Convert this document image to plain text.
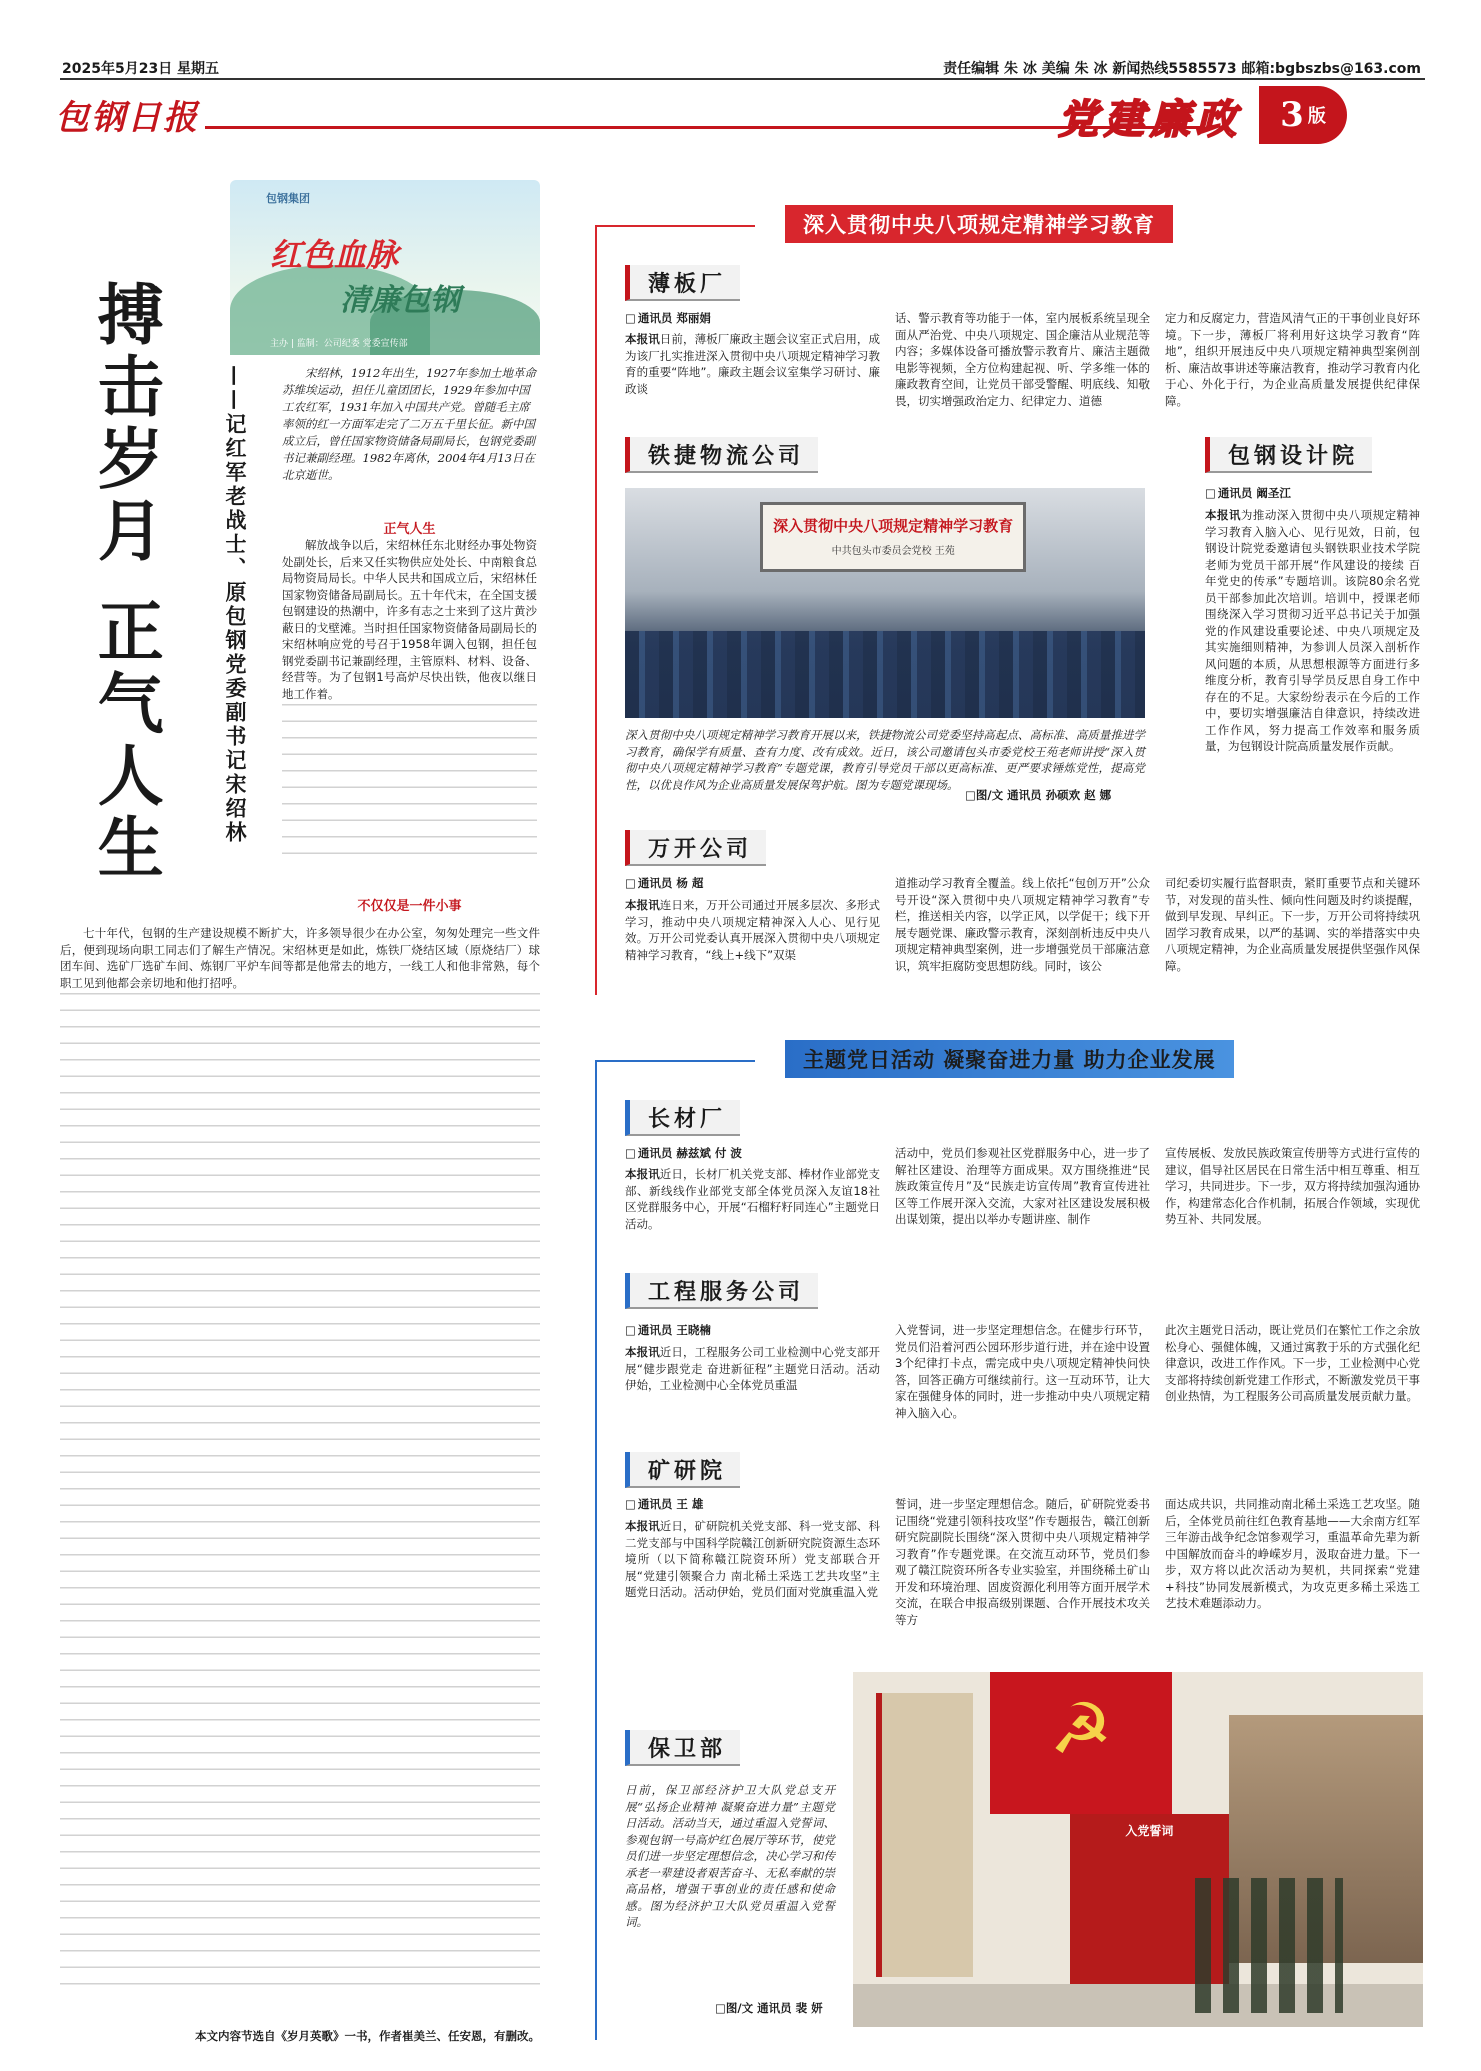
2025年5月23日 星期五	责任编辑 朱 冰 美编 朱 冰 新闻热线5585573 邮箱:bgbszbs@163.com
包钢日报	党建廉政 3 版
包钢集团
红色血脉
清廉包钢
主办 | 监制：公司纪委 党委宣传部
搏击岁月 正气人生	——记红军老战士、原包钢党委副书记宋绍林	宋绍林，1912年出生，1927年参加土地革命苏维埃运动，担任儿童团团长，1929年参加中国工农红军，1931年加入中国共产党。曾随毛主席率领的红一方面军走完了二万五千里长征。新中国成立后，曾任国家物资储备局副局长，包钢党委副书记兼副经理。1982年离休，2004年4月13日在北京逝世。
正气人生

解放战争以后，宋绍林任东北财经办事处物资处副处长，后来又任实物供应处处长、中南粮食总局物资局局长。中华人民共和国成立后，宋绍林任国家物资储备局副局长。五十年代末，在全国支援包钢建设的热潮中，许多有志之士来到了这片黄沙蔽日的戈壁滩。当时担任国家物资储备局副局长的宋绍林响应党的号召于1958年调入包钢，担任包钢党委副书记兼副经理，主管原料、材料、设备、经营等。为了包钢1号高炉尽快出铁，他夜以继日地工作着。

不仅仅是一件小事

七十年代，包钢的生产建设规模不断扩大，许多领导很少在办公室，匆匆处理完一些文件后，便到现场向职工同志们了解生产情况。宋绍林更是如此，炼铁厂烧结区域（原烧结厂）球团车间、选矿厂选矿车间、炼钢厂平炉车间等都是他常去的地方，一线工人和他非常熟，每个职工见到他都会亲切地和他打招呼。

本文内容节选自《岁月英歌》一书，作者崔美兰、任安恩，有删改。
深入贯彻中央八项规定精神学习教育
薄板厂
□ 通讯员 郑丽娟
本报讯日前，薄板厂廉政主题会议室正式启用，成为该厂扎实推进深入贯彻中央八项规定精神学习教育的重要“阵地”。廉政主题会议室集学习研讨、廉政谈
话、警示教育等功能于一体，室内展板系统呈现全面从严治党、中央八项规定、国企廉洁从业规范等内容；多媒体设备可播放警示教育片、廉洁主题微电影等视频，全方位构建起视、听、学多维一体的廉政教育空间，让党员干部受警醒、明底线、知敬畏，切实增强政治定力、纪律定力、道德
定力和反腐定力，营造风清气正的干事创业良好环境。下一步，薄板厂将利用好这块学习教育“阵地”，组织开展违反中央八项规定精神典型案例剖析、廉洁故事讲述等廉洁教育，推动学习教育内化于心、外化于行，为企业高质量发展提供纪律保障。
铁捷物流公司
深入贯彻中央八项规定精神学习教育
中共包头市委员会党校 王苑
深入贯彻中央八项规定精神学习教育开展以来，铁捷物流公司党委坚持高起点、高标准、高质量推进学习教育，确保学有质量、查有力度、改有成效。近日，该公司邀请包头市委党校王苑老师讲授“深入贯彻中央八项规定精神学习教育”专题党课，教育引导党员干部以更高标准、更严要求锤炼党性，提高党性，以优良作风为企业高质量发展保驾护航。图为专题党课现场。
□图/文 通讯员 孙硕欢 赵 娜
包钢设计院
□ 通讯员 阚圣江
本报讯为推动深入贯彻中央八项规定精神学习教育入脑入心、见行见效，日前，包钢设计院党委邀请包头钢铁职业技术学院老师为党员干部开展“作风建设的接续 百年党史的传承”专题培训。该院80余名党员干部参加此次培训。培训中，授课老师围绕深入学习贯彻习近平总书记关于加强党的作风建设重要论述、中央八项规定及其实施细则精神，为参训人员深入剖析作风问题的本质，从思想根源等方面进行多维度分析，教育引导学员反思自身工作中存在的不足。大家纷纷表示在今后的工作中，要切实增强廉洁自律意识，持续改进工作作风，努力提高工作效率和服务质量，为包钢设计院高质量发展作贡献。
万开公司
□ 通讯员 杨 超
本报讯连日来，万开公司通过开展多层次、多形式学习，推动中央八项规定精神深入人心、见行见效。万开公司党委认真开展深入贯彻中央八项规定精神学习教育，“线上+线下”双渠
道推动学习教育全覆盖。线上依托“包创万开”公众号开设“深入贯彻中央八项规定精神学习教育”专栏，推送相关内容，以学正风，以学促干；线下开展专题党课、廉政警示教育，深刻剖析违反中央八项规定精神典型案例，进一步增强党员干部廉洁意识，筑牢拒腐防变思想防线。同时，该公
司纪委切实履行监督职责，紧盯重要节点和关键环节，对发现的苗头性、倾向性问题及时约谈提醒，做到早发现、早纠正。下一步，万开公司将持续巩固学习教育成果，以严的基调、实的举措落实中央八项规定精神，为企业高质量发展提供坚强作风保障。
主题党日活动 凝聚奋进力量 助力企业发展
长材厂
□ 通讯员 赫兹斌 付 波
本报讯近日，长材厂机关党支部、棒材作业部党支部、新线线作业部党支部全体党员深入友谊18社区党群服务中心，开展“石榴籽籽同连心”主题党日活动。
活动中，党员们参观社区党群服务中心，进一步了解社区建设、治理等方面成果。双方围绕推进“民族政策宣传月”及“民族走访宣传周”教育宣传进社区等工作展开深入交流，大家对社区建设发展积极出谋划策，提出以举办专题讲座、制作
宣传展板、发放民族政策宣传册等方式进行宣传的建议，倡导社区居民在日常生活中相互尊重、相互学习，共同进步。下一步，双方将持续加强沟通协作，构建常态化合作机制，拓展合作领域，实现优势互补、共同发展。
工程服务公司
□ 通讯员 王晓楠
本报讯近日，工程服务公司工业检测中心党支部开展“健步跟党走 奋进新征程”主题党日活动。活动伊始，工业检测中心全体党员重温
入党誓词，进一步坚定理想信念。在健步行环节，党员们沿着河西公园环形步道行进，并在途中设置3个纪律打卡点，需完成中央八项规定精神快问快答，回答正确方可继续前行。这一互动环节，让大家在强健身体的同时，进一步推动中央八项规定精神入脑入心。
此次主题党日活动，既让党员们在繁忙工作之余放松身心、强健体魄，又通过寓教于乐的方式强化纪律意识，改进工作作风。下一步，工业检测中心党支部将持续创新党建工作形式，不断激发党员干事创业热情，为工程服务公司高质量发展贡献力量。
矿研院
□ 通讯员 王 雄
本报讯近日，矿研院机关党支部、科一党支部、科二党支部与中国科学院赣江创新研究院资源生态环境所（以下简称赣江院资环所）党支部联合开展“党建引领聚合力 南北稀土采选工艺共攻坚”主题党日活动。活动伊始，党员们面对党旗重温入党
誓词，进一步坚定理想信念。随后，矿研院党委书记围绕“党建引领科技攻坚”作专题报告，赣江创新研究院副院长围绕“深入贯彻中央八项规定精神学习教育”作专题党课。在交流互动环节，党员们参观了赣江院资环所各专业实验室，并围绕稀土矿山开发和环境治理、固废资源化利用等方面开展学术交流，在联合申报高级别课题、合作开展技术攻关等方
面达成共识，共同推动南北稀土采选工艺攻坚。随后，全体党员前往红色教育基地——大余南方红军三年游击战争纪念馆参观学习，重温革命先辈为新中国解放而奋斗的峥嵘岁月，汲取奋进力量。下一步，双方将以此次活动为契机，共同探索“党建+科技”协同发展新模式，为攻克更多稀土采选工艺技术难题添动力。
保卫部
日前，保卫部经济护卫大队党总支开展“弘扬企业精神 凝聚奋进力量”主题党日活动。活动当天，通过重温入党誓词、参观包钢一号高炉红色展厅等环节，使党员们进一步坚定理想信念，决心学习和传承老一辈建设者艰苦奋斗、无私奉献的崇高品格，增强干事创业的责任感和使命感。图为经济护卫大队党员重温入党誓词。
□图/文 通讯员 裴 妍
☭
入党誓词
